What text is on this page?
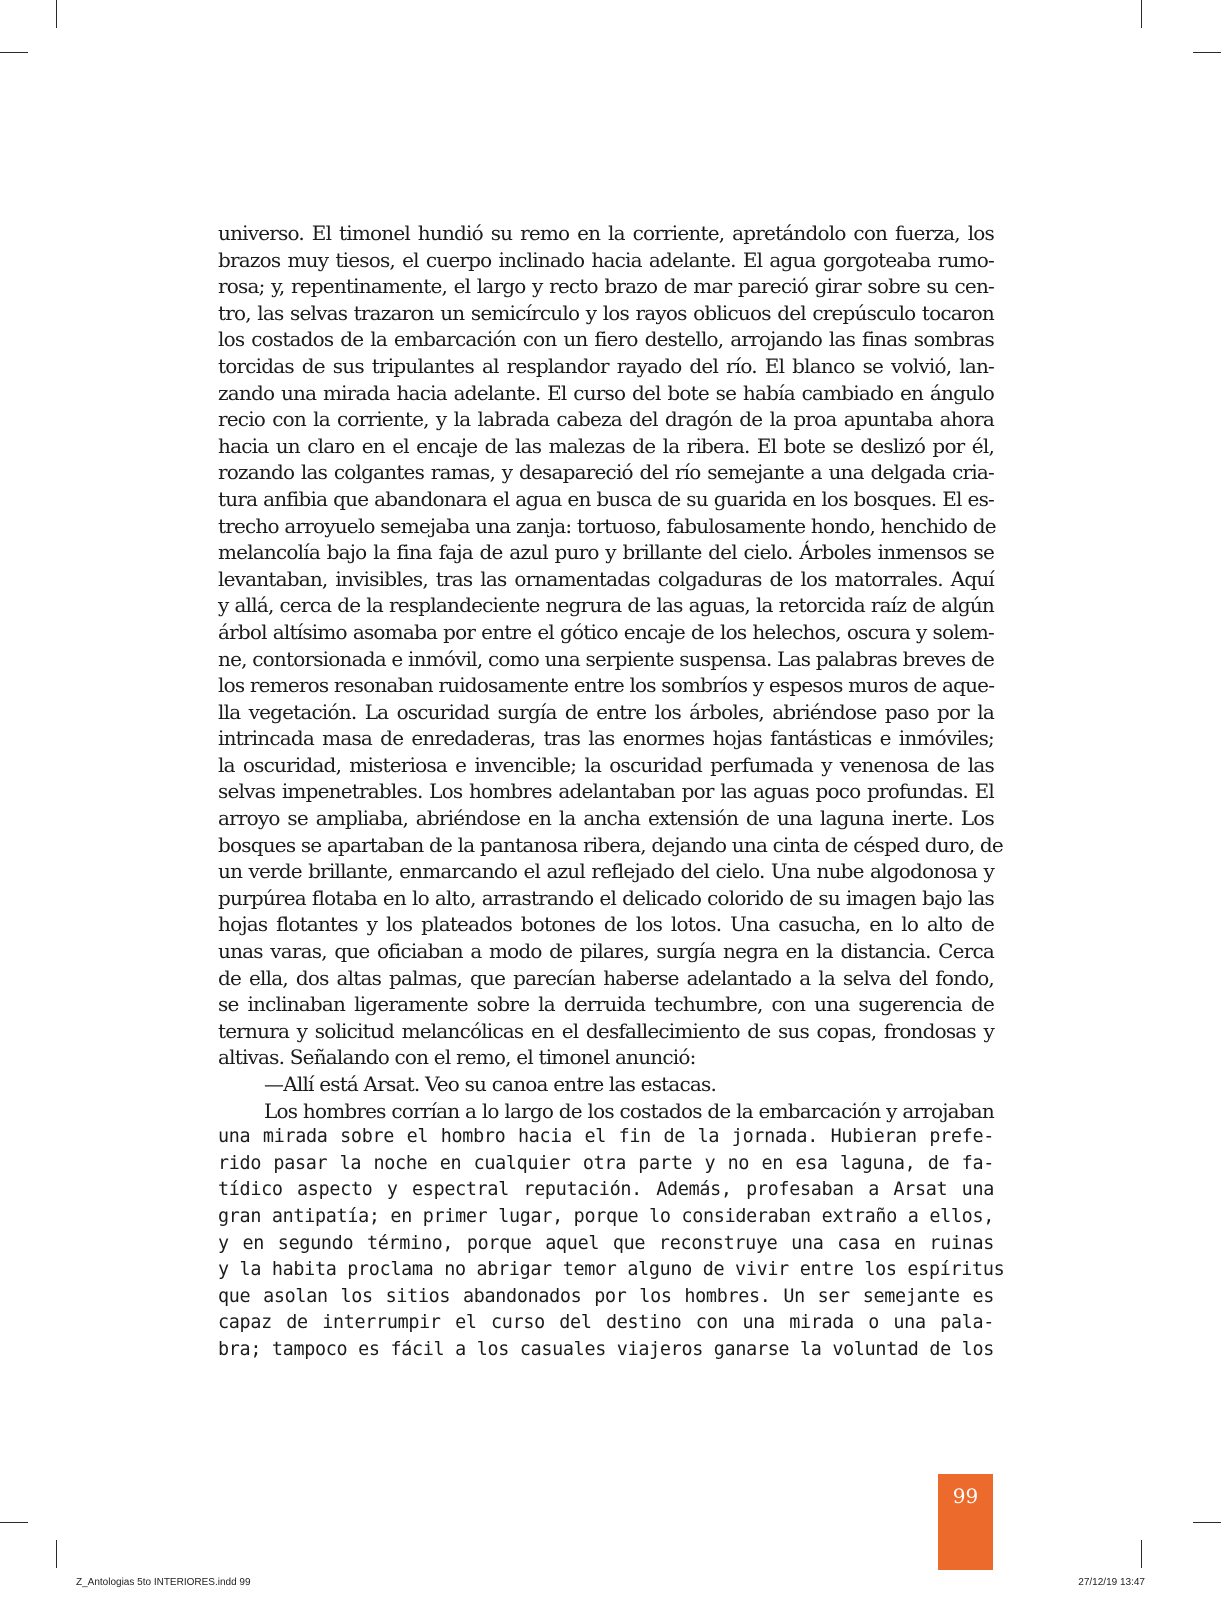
universo. El timonel hundió su remo en la corriente, apretándolo con fuerza, los
brazos muy tiesos, el cuerpo inclinado hacia adelante. El agua gorgoteaba rumo-
rosa; y, repentinamente, el largo y recto brazo de mar pareció girar sobre su cen-
tro, las selvas trazaron un semicírculo y los rayos oblicuos del crepúsculo tocaron
los costados de la embarcación con un fiero destello, arrojando las finas sombras
torcidas de sus tripulantes al resplandor rayado del río. El blanco se volvió, lan-
zando una mirada hacia adelante. El curso del bote se había cambiado en ángulo
recio con la corriente, y la labrada cabeza del dragón de la proa apuntaba ahora
hacia un claro en el encaje de las malezas de la ribera. El bote se deslizó por él,
rozando las colgantes ramas, y desapareció del río semejante a una delgada cria-
tura anfibia que abandonara el agua en busca de su guarida en los bosques. El es-
trecho arroyuelo semejaba una zanja: tortuoso, fabulosamente hondo, henchido de
melancolía bajo la fina faja de azul puro y brillante del cielo. Árboles inmensos se
levantaban, invisibles, tras las ornamentadas colgaduras de los matorrales. Aquí
y allá, cerca de la resplandeciente negrura de las aguas, la retorcida raíz de algún
árbol altísimo asomaba por entre el gótico encaje de los helechos, oscura y solem-
ne, contorsionada e inmóvil, como una serpiente suspensa. Las palabras breves de
los remeros resonaban ruidosamente entre los sombríos y espesos muros de aque-
lla vegetación. La oscuridad surgía de entre los árboles, abriéndose paso por la
intrincada masa de enredaderas, tras las enormes hojas fantásticas e inmóviles;
la oscuridad, misteriosa e invencible; la oscuridad perfumada y venenosa de las
selvas impenetrables. Los hombres adelantaban por las aguas poco profundas. El
arroyo se ampliaba, abriéndose en la ancha extensión de una laguna inerte. Los
bosques se apartaban de la pantanosa ribera, dejando una cinta de césped duro, de
un verde brillante, enmarcando el azul reflejado del cielo. Una nube algodonosa y
purpúrea flotaba en lo alto, arrastrando el delicado colorido de su imagen bajo las
hojas flotantes y los plateados botones de los lotos. Una casucha, en lo alto de
unas varas, que oficiaban a modo de pilares, surgía negra en la distancia. Cerca
de ella, dos altas palmas, que parecían haberse adelantado a la selva del fondo,
se inclinaban ligeramente sobre la derruida techumbre, con una sugerencia de
ternura y solicitud melancólicas en el desfallecimiento de sus copas, frondosas y
altivas. Señalando con el remo, el timonel anunció:
—Allí está Arsat. Veo su canoa entre las estacas.
Los hombres corrían a lo largo de los costados de la embarcación y arrojaban
una mirada sobre el hombro hacia el fin de la jornada. Hubieran prefe-
rido pasar la noche en cualquier otra parte y no en esa laguna, de fa-
tídico aspecto y espectral reputación. Además, profesaban a Arsat una
gran antipatía; en primer lugar, porque lo consideraban extraño a ellos,
y en segundo término, porque aquel que reconstruye una casa en ruinas
y la habita proclama no abrigar temor alguno de vivir entre los espíritus
que asolan los sitios abandonados por los hombres. Un ser semejante es
capaz de interrumpir el curso del destino con una mirada o una pala-
bra; tampoco es fácil a los casuales viajeros ganarse la voluntad de los
99
Z_Antologias 5to INTERIORES.indd 99	27/12/19 13:47
